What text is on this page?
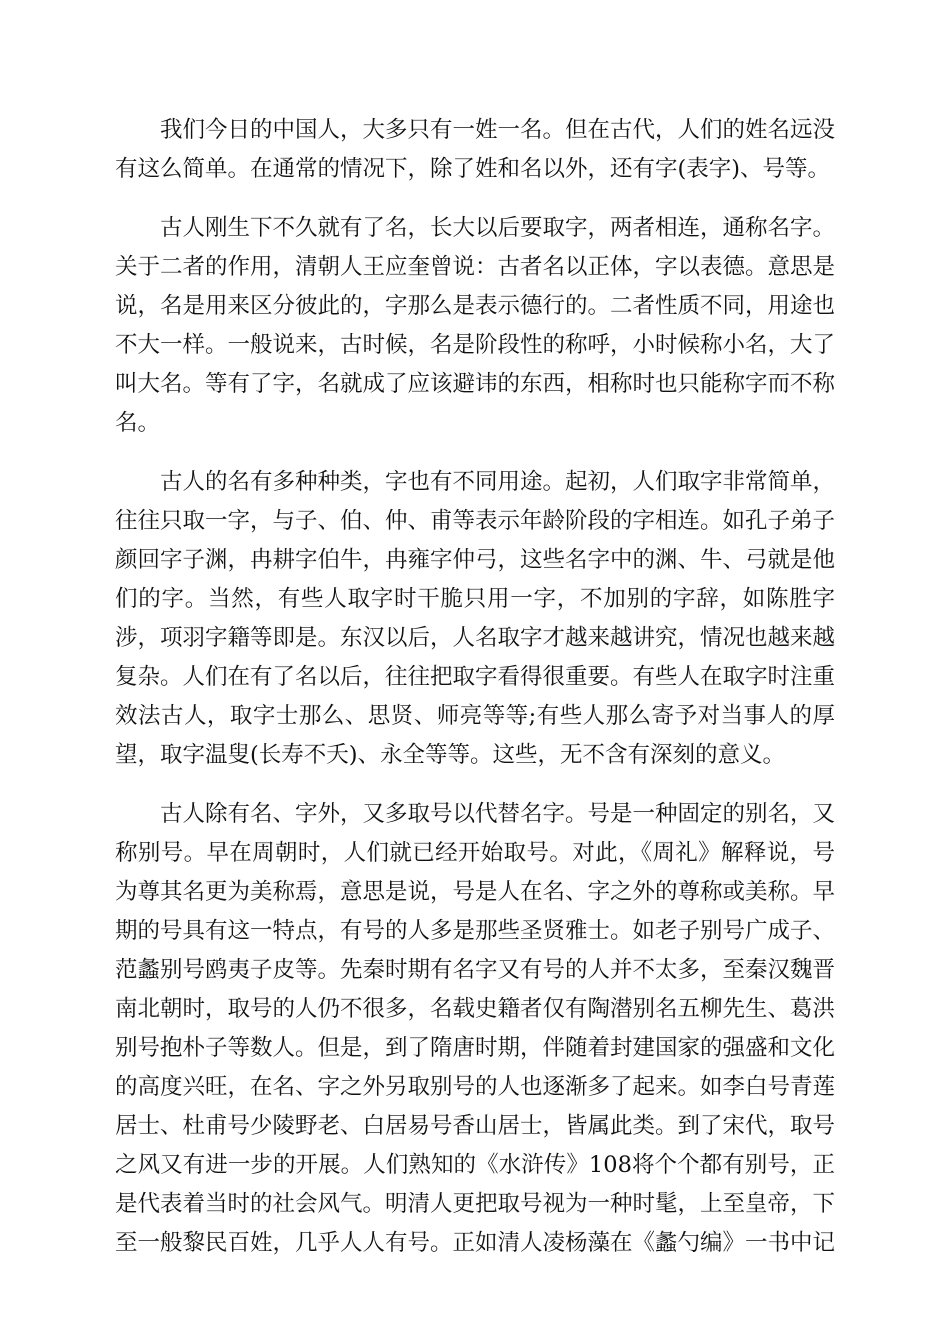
我们今日的中国人，大多只有一姓一名。但在古代，人们的姓名远没有这么简单。在通常的情况下，除了姓和名以外，还有字(表字)、号等。

古人刚生下不久就有了名，长大以后要取字，两者相连，通称名字。关于二者的作用，清朝人王应奎曾说：古者名以正体，字以表德。意思是说，名是用来区分彼此的，字那么是表示德行的。二者性质不同，用途也不大一样。一般说来，古时候，名是阶段性的称呼，小时候称小名，大了叫大名。等有了字，名就成了应该避讳的东西，相称时也只能称字而不称名。

古人的名有多种种类，字也有不同用途。起初，人们取字非常简单，往往只取一字，与子、伯、仲、甫等表示年龄阶段的字相连。如孔子弟子颜回字子渊，冉耕字伯牛，冉雍字仲弓，这些名字中的渊、牛、弓就是他们的字。当然，有些人取字时干脆只用一字，不加别的字辞，如陈胜字涉，项羽字籍等即是。东汉以后，人名取字才越来越讲究，情况也越来越复杂。人们在有了名以后，往往把取字看得很重要。有些人在取字时注重效法古人，取字士那么、思贤、师亮等等;有些人那么寄予对当事人的厚望，取字温叟(长寿不夭)、永全等等。这些，无不含有深刻的意义。

古人除有名、字外，又多取号以代替名字。号是一种固定的别名，又称别号。早在周朝时，人们就已经开始取号。对此，《周礼》解释说，号为尊其名更为美称焉，意思是说，号是人在名、字之外的尊称或美称。早期的号具有这一特点，有号的人多是那些圣贤雅士。如老子别号广成子、范蠡别号鸥夷子皮等。先秦时期有名字又有号的人并不太多，至秦汉魏晋南北朝时，取号的人仍不很多，名载史籍者仅有陶潜别名五柳先生、葛洪别号抱朴子等数人。但是，到了隋唐时期，伴随着封建国家的强盛和文化的高度兴旺，在名、字之外另取别号的人也逐渐多了起来。如李白号青莲居士、杜甫号少陵野老、白居易号香山居士，皆属此类。到了宋代，取号之风又有进一步的开展。人们熟知的《水浒传》108将个个都有别号，正是代表着当时的社会风气。明清人更把取号视为一种时髦，上至皇帝，下至一般黎民百姓，几乎人人有号。正如清人凌杨藻在《蠡勺编》一书中记
